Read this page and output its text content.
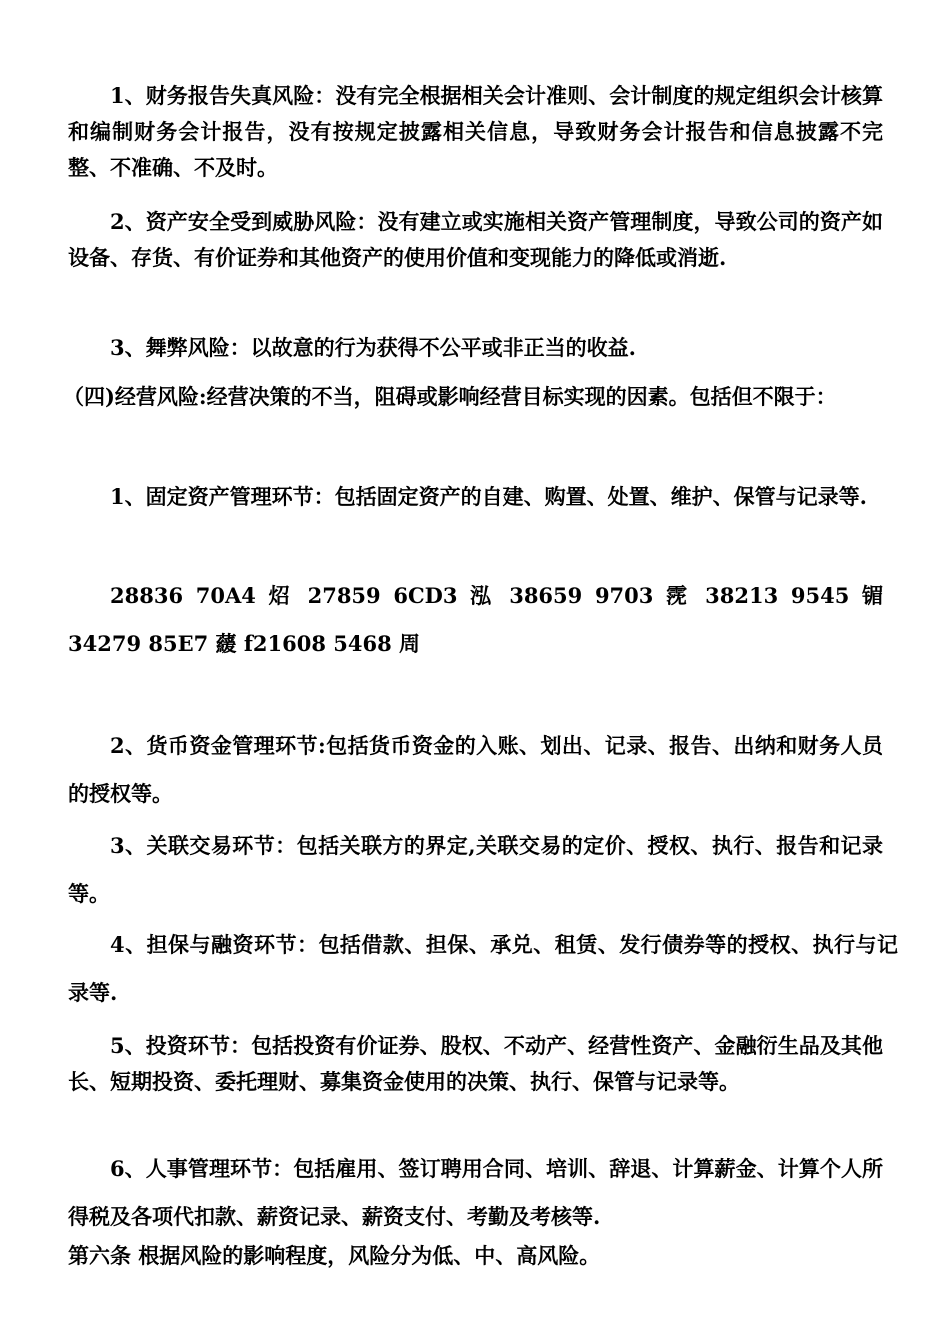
1、财务报告失真风险：没有完全根据相关会计准则、会计制度的规定组织会计核算和编制财务会计报告，没有按规定披露相关信息，导致财务会计报告和信息披露不完整、不准确、不及时。

2、资产安全受到威胁风险：没有建立或实施相关资产管理制度，导致公司的资产如设备、存货、有价证券和其他资产的使用价值和变现能力的降低或消逝.

3、舞弊风险：以故意的行为获得不公平或非正当的收益.

（四)经营风险:经营决策的不当，阻碍或影响经营目标实现的因素。包括但不限于：

1、固定资产管理环节：包括固定资产的自建、购置、处置、维护、保管与记录等.

28836 70A4 炤 27859 6CD3 泓 38659 9703 霃 38213 9545 镅 34279 85E7 藧 f21608 5468 周

2、货币资金管理环节:包括货币资金的入账、划出、记录、报告、出纳和财务人员的授权等。

3、关联交易环节：包括关联方的界定,关联交易的定价、授权、执行、报告和记录等。

4、担保与融资环节：包括借款、担保、承兑、租赁、发行债券等的授权、执行与记录等.

5、投资环节：包括投资有价证券、股权、不动产、经营性资产、金融衍生品及其他长、短期投资、委托理财、募集资金使用的决策、执行、保管与记录等。

6、人事管理环节：包括雇用、签订聘用合同、培训、辞退、计算薪金、计算个人所得税及各项代扣款、薪资记录、薪资支付、考勤及考核等.

第六条 根据风险的影响程度，风险分为低、中、高风险。
